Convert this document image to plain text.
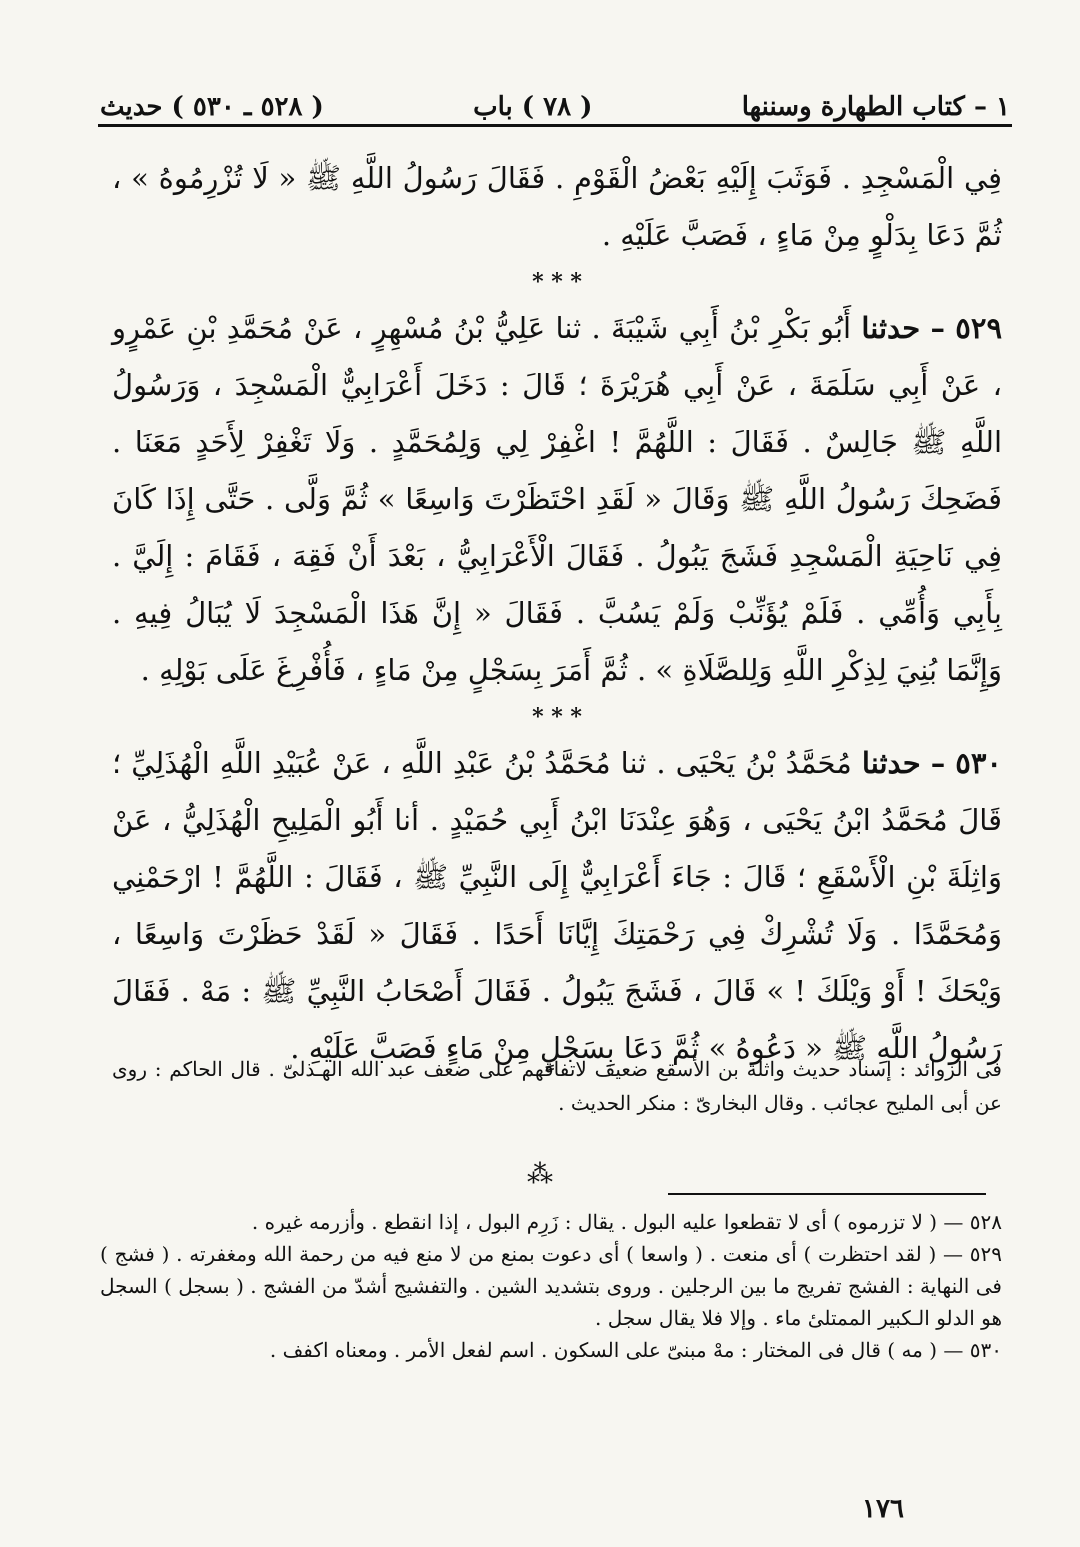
١ – كتاب الطهارة وسننها
( ٧٨ ) باب
( ٥٢٨ ـ ٥٣٠ ) حديث

فِي الْمَسْجِدِ . فَوَثَبَ إِلَيْهِ بَعْضُ الْقَوْمِ . فَقَالَ رَسُولُ اللَّهِ ﷺ « لَا تُزْرِمُوهُ » ، ثُمَّ دَعَا بِدَلْوٍ مِنْ مَاءٍ ، فَصَبَّ عَلَيْهِ .

* * *

٥٢٩ – حدثنا أَبُو بَكْرِ بْنُ أَبِي شَيْبَةَ . ثنا عَلِيُّ بْنُ مُسْهِرٍ ، عَنْ مُحَمَّدِ بْنِ عَمْرٍو ، عَنْ أَبِي سَلَمَةَ ، عَنْ أَبِي هُرَيْرَةَ ؛ قَالَ : دَخَلَ أَعْرَابِيٌّ الْمَسْجِدَ ، وَرَسُولُ اللَّهِ ﷺ جَالِسٌ . فَقَالَ : اللَّهُمَّ ! اغْفِرْ لِي وَلِمُحَمَّدٍ . وَلَا تَغْفِرْ لِأَحَدٍ مَعَنَا . فَضَحِكَ رَسُولُ اللَّهِ ﷺ وَقَالَ « لَقَدِ احْتَظَرْتَ وَاسِعًا » ثُمَّ وَلَّى . حَتَّى إِذَا كَانَ فِي نَاحِيَةِ الْمَسْجِدِ فَشَجَ يَبُولُ . فَقَالَ الْأَعْرَابِيُّ ، بَعْدَ أَنْ فَقِهَ ، فَقَامَ : إِلَيَّ . بِأَبِي وَأُمِّي . فَلَمْ يُؤَنِّبْ وَلَمْ يَسُبَّ . فَقَالَ « إِنَّ هَذَا الْمَسْجِدَ لَا يُبَالُ فِيهِ . وَإِنَّمَا بُنِيَ لِذِكْرِ اللَّهِ وَلِلصَّلَاةِ » . ثُمَّ أَمَرَ بِسَجْلٍ مِنْ مَاءٍ ، فَأُفْرِغَ عَلَى بَوْلِهِ .

* * *

٥٣٠ – حدثنا مُحَمَّدُ بْنُ يَحْيَى . ثنا مُحَمَّدُ بْنُ عَبْدِ اللَّهِ ، عَنْ عُبَيْدِ اللَّهِ الْهُذَلِيِّ ؛ قَالَ مُحَمَّدُ ابْنُ يَحْيَى ، وَهُوَ عِنْدَنَا ابْنُ أَبِي حُمَيْدٍ . أنا أَبُو الْمَلِيحِ الْهُذَلِيُّ ، عَنْ وَاثِلَةَ بْنِ الْأَسْقَعِ ؛ قَالَ : جَاءَ أَعْرَابِيٌّ إِلَى النَّبِيِّ ﷺ ، فَقَالَ : اللَّهُمَّ ! ارْحَمْنِي وَمُحَمَّدًا . وَلَا تُشْرِكْ فِي رَحْمَتِكَ إِيَّانَا أَحَدًا . فَقَالَ « لَقَدْ حَظَرْتَ وَاسِعًا ، وَيْحَكَ ! أَوْ وَيْلَكَ ! » قَالَ ، فَشَجَ يَبُولُ . فَقَالَ أَصْحَابُ النَّبِيِّ ﷺ : مَهْ . فَقَالَ رَسُولُ اللَّهِ ﷺ « دَعُوهُ » ثُمَّ دَعَا بِسَجْلٍ مِنْ مَاءٍ فَصَبَّ عَلَيْهِ .

فى الزوائد : إسناد حديث واثلة بن الأسقع ضعيف لاتفاقهم على ضعف عبد الله الهـذلىّ . قال الحاكم : روى عن أبى المليح عجائب . وقال البخارىّ : منكر الحديث .

⁂

٥٢٨ — ( لا تزرموه ) أى لا تقطعوا عليه البول . يقال : زَرِم البول ، إذا انقطع . وأزرمه غيره .

٥٢٩ — ( لقد احتظرت ) أى منعت . ( واسعا ) أى دعوت بمنع من لا منع فيه من رحمة الله ومغفرته . ( فشج ) فى النهاية : الفشج تفريج ما بين الرجلين . وروى بتشديد الشين . والتفشيج أشدّ من الفشج . ( بسجل ) السجل هو الدلو الـكبير الممتلىٔ ماء . وإلا فلا يقال سجل .

٥٣٠ — ( مه ) قال فى المختار : مهْ مبنىّ على السكون . اسم لفعل الأمر . ومعناه اكفف .

١٧٦
